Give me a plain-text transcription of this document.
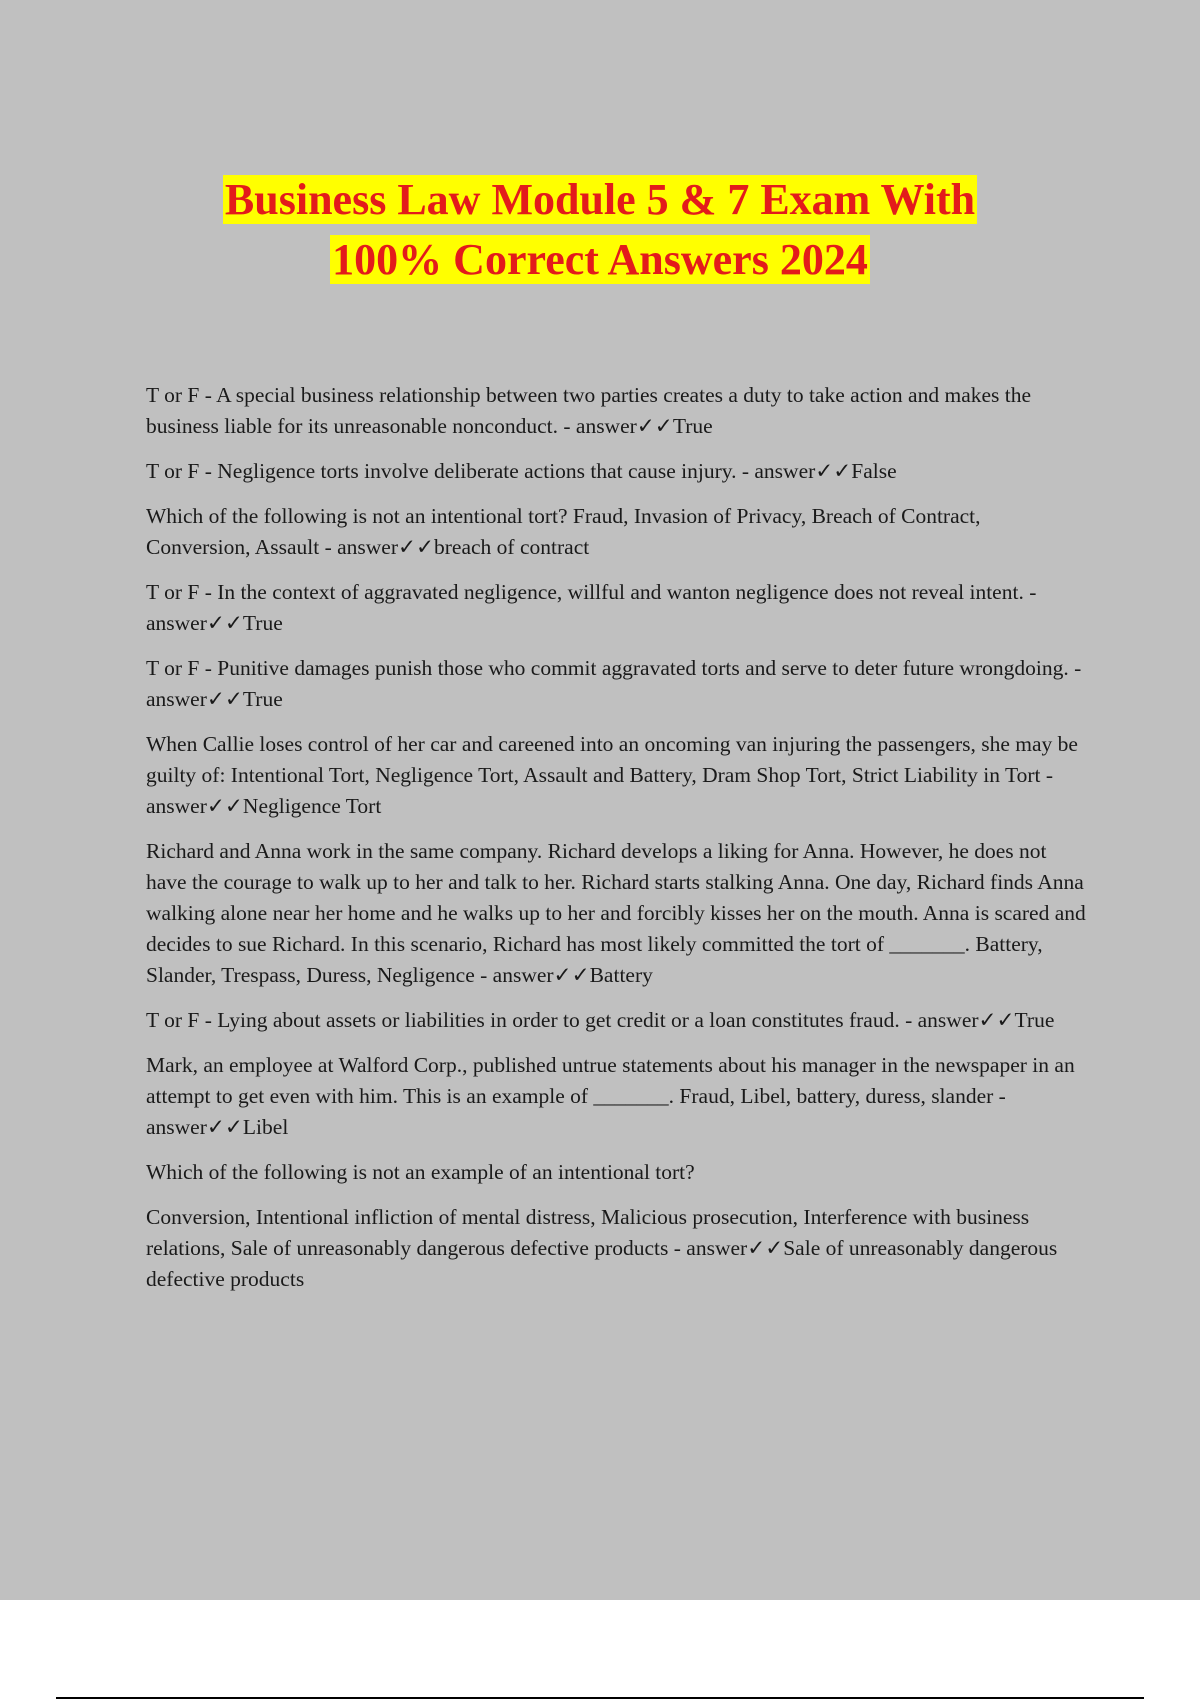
Business Law Module 5 & 7 Exam With
100% Correct Answers 2024

T or F - A special business relationship between two parties creates a duty to take action and makes the business liable for its unreasonable nonconduct. - answer✓✓True

T or F - Negligence torts involve deliberate actions that cause injury. - answer✓✓False

Which of the following is not an intentional tort? Fraud, Invasion of Privacy, Breach of Contract, Conversion, Assault - answer✓✓breach of contract

T or F - In the context of aggravated negligence, willful and wanton negligence does not reveal intent. - answer✓✓True

T or F - Punitive damages punish those who commit aggravated torts and serve to deter future wrongdoing. - answer✓✓True

When Callie loses control of her car and careened into an oncoming van injuring the passengers, she may be guilty of: Intentional Tort, Negligence Tort, Assault and Battery, Dram Shop Tort, Strict Liability in Tort - answer✓✓Negligence Tort

Richard and Anna work in the same company. Richard develops a liking for Anna. However, he does not have the courage to walk up to her and talk to her. Richard starts stalking Anna. One day, Richard finds Anna walking alone near her home and he walks up to her and forcibly kisses her on the mouth. Anna is scared and decides to sue Richard. In this scenario, Richard has most likely committed the tort of _______. Battery, Slander, Trespass, Duress, Negligence - answer✓✓Battery

T or F - Lying about assets or liabilities in order to get credit or a loan constitutes fraud. - answer✓✓True

Mark, an employee at Walford Corp., published untrue statements about his manager in the newspaper in an attempt to get even with him. This is an example of _______. Fraud, Libel, battery, duress, slander - answer✓✓Libel

Which of the following is not an example of an intentional tort?

Conversion, Intentional infliction of mental distress, Malicious prosecution, Interference with business relations, Sale of unreasonably dangerous defective products - answer✓✓Sale of unreasonably dangerous defective products
